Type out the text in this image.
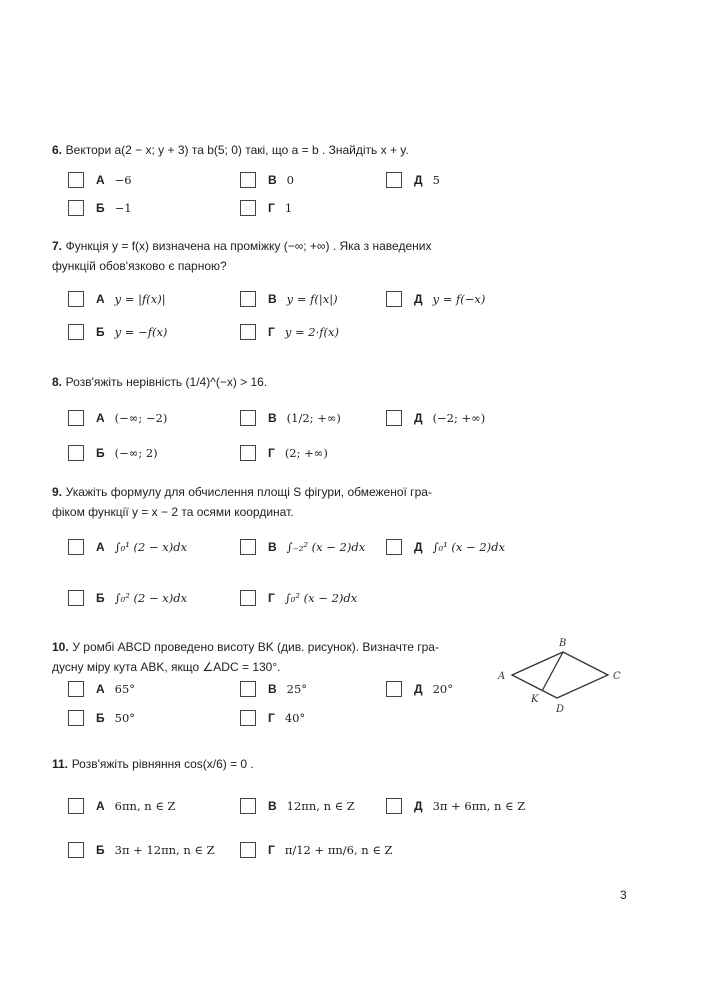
6. Вектори a(2 − x; y + 3) та b(5; 0) такі, що a = b . Знайдіть x + y.
А −6	В 0	Д 5
Б −1	Г 1
7. Функція y = f(x) визначена на проміжку (−∞; +∞) . Яка з наведених
функцій обов'язково є парною?
А y = |f(x)|	В y = f(|x|)	Д y = f(−x)
Б y = −f(x)	Г y = 2·f(x)
8. Розв'яжіть нерівність (1/4)^(−x) > 16.
А (−∞; −2)	В (1/2; +∞)	Д (−2; +∞)
Б (−∞; 2)	Г (2; +∞)
9. Укажіть формулу для обчислення площі S фігури, обмеженої гра-
фіком функції y = x − 2 та осями координат.
А ∫₀¹ (2 − x)dx	В ∫₋₂² (x − 2)dx	Д ∫₀¹ (x − 2)dx
Б ∫₀² (2 − x)dx	Г ∫₀² (x − 2)dx
10. У ромбі ABCD проведено висоту BK (див. рисунок). Визначте гра-
дусну міру кута ABK, якщо ∠ADC = 130°.
А 65°	В 25°	Д 20°
Б 50°	Г 40°
A
B
C
D
K
11. Розв'яжіть рівняння cos(x/6) = 0 .
А 6πn, n ∈ Z	В 12πn, n ∈ Z	Д 3π + 6πn, n ∈ Z
Б 3π + 12πn, n ∈ Z	Г π/12 + πn/6, n ∈ Z
3
